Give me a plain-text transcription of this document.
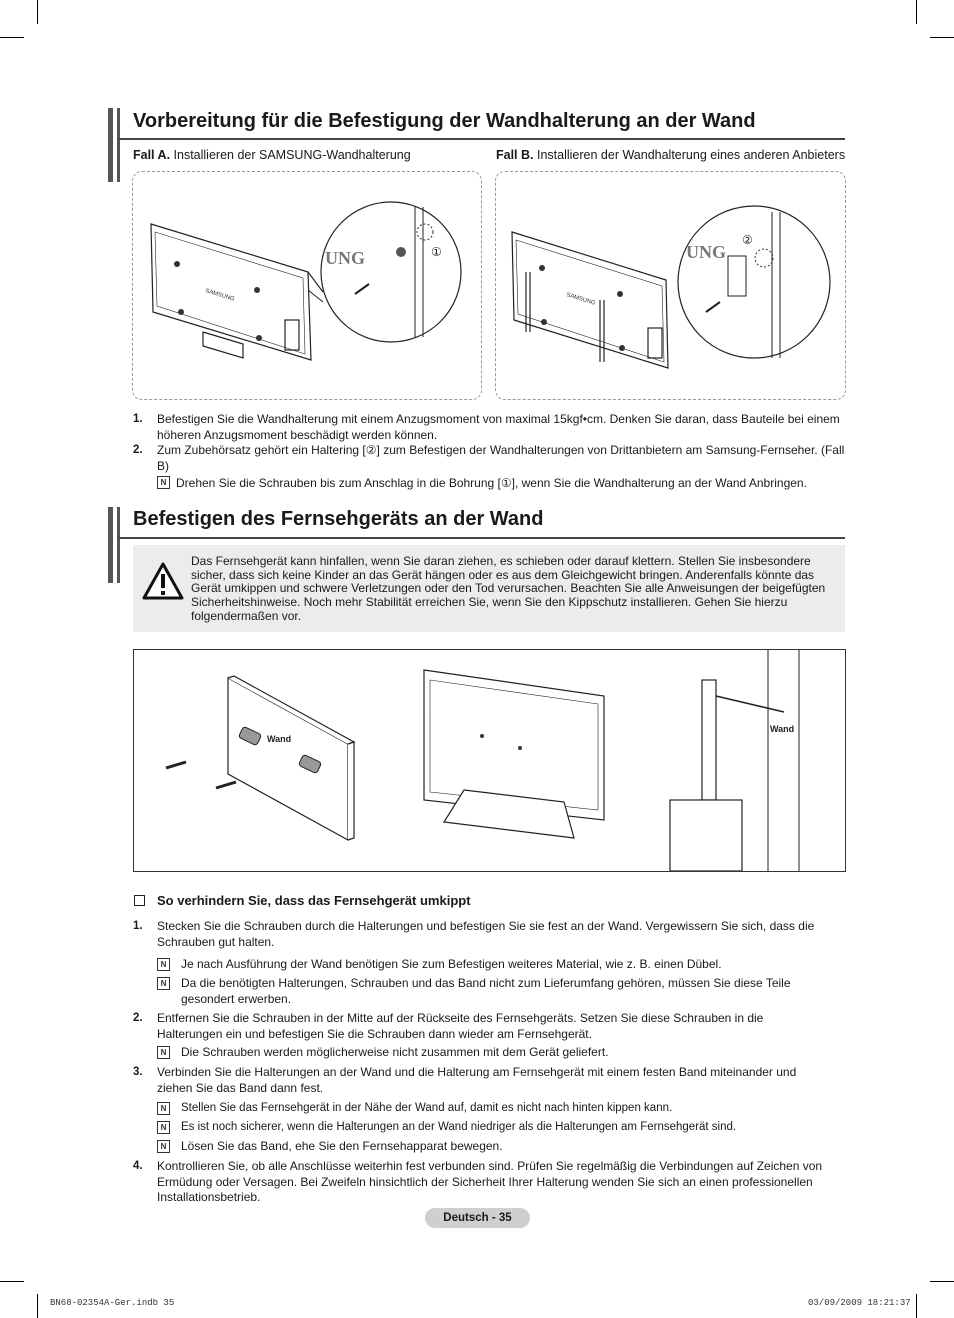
Vorbereitung für die Befestigung der Wandhalterung an der Wand
Fall A. Installieren der SAMSUNG-Wandhalterung	Fall B. Installieren der Wandhalterung eines anderen Anbieters
SAMSUNG
UNG	①
SAMSUNG
UNG
②
1. Befestigen Sie die Wandhalterung mit einem Anzugsmoment von maximal 15kgf•cm. Denken Sie daran, dass Bauteile bei einem höheren Anzugsmoment beschädigt werden können.
2. Zum Zubehörsatz gehört ein Haltering [②] zum Befestigen der Wandhalterungen von Drittanbietern am Samsung-Fernseher. (Fall B)
N Drehen Sie die Schrauben bis zum Anschlag in die Bohrung [①], wenn Sie die Wandhalterung an der Wand Anbringen.
Befestigen des Fernsehgeräts an der Wand
Das Fernsehgerät kann hinfallen, wenn Sie daran ziehen, es schieben oder darauf klettern. Stellen Sie insbesondere sicher, dass sich keine Kinder an das Gerät hängen oder es aus dem Gleichgewicht bringen. Anderenfalls könnte das Gerät umkippen und schwere Verletzungen oder den Tod verursachen. Beachten Sie alle Anweisungen der beigefügten Sicherheitshinweise. Noch mehr Stabilität erreichen Sie, wenn Sie den Kippschutz installieren. Gehen Sie hierzu folgendermaßen vor.
Wand
Wand
So verhindern Sie, dass das Fernsehgerät umkippt
1. Stecken Sie die Schrauben durch die Halterungen und befestigen Sie sie fest an der Wand. Vergewissern Sie sich, dass die Schrauben gut halten.
N	Je nach Ausführung der Wand benötigen Sie zum Befestigen weiteres Material, wie z. B. einen Dübel.
N	Da die benötigten Halterungen, Schrauben und das Band nicht zum Lieferumfang gehören, müssen Sie diese Teile gesondert erwerben.
2. Entfernen Sie die Schrauben in der Mitte auf der Rückseite des Fernsehgeräts. Setzen Sie diese Schrauben in die Halterungen ein und befestigen Sie die Schrauben dann wieder am Fernsehgerät.
N	Die Schrauben werden möglicherweise nicht zusammen mit dem Gerät geliefert.
3. Verbinden Sie die Halterungen an der Wand und die Halterung am Fernsehgerät mit einem festen Band miteinander und ziehen Sie das Band dann fest.
N	Stellen Sie das Fernsehgerät in der Nähe der Wand auf, damit es nicht nach hinten kippen kann.
N	Es ist noch sicherer, wenn die Halterungen an der Wand niedriger als die Halterungen am Fernsehgerät sind.
N	Lösen Sie das Band, ehe Sie den Fernsehapparat bewegen.
4. Kontrollieren Sie, ob alle Anschlüsse weiterhin fest verbunden sind. Prüfen Sie regelmäßig die Verbindungen auf Zeichen von Ermüdung oder Versagen. Bei Zweifeln hinsichtlich der Sicherheit Ihrer Halterung wenden Sie sich an einen professionellen Installationsbetrieb.
Deutsch - 35
BN68-02354A-Ger.indb 35	03/09/2009 18:21:37
